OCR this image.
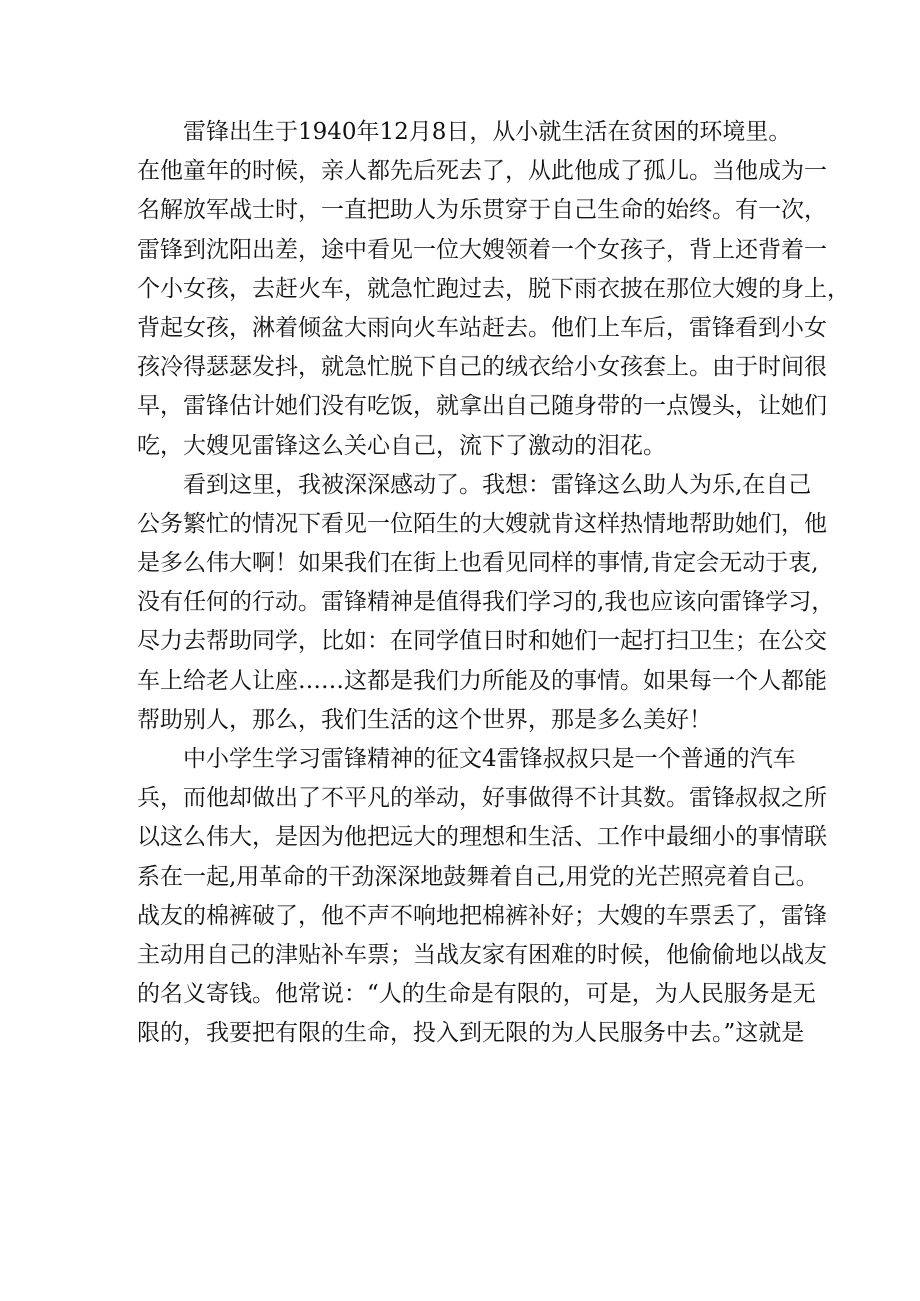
雷锋出生于1940年12月8日，从小就生活在贫困的环境里。
在他童年的时候，亲人都先后死去了，从此他成了孤儿。当他成为一
名解放军战士时，一直把助人为乐贯穿于自己生命的始终。有一次，
雷锋到沈阳出差，途中看见一位大嫂领着一个女孩子，背上还背着一
个小女孩，去赶火车，就急忙跑过去，脱下雨衣披在那位大嫂的身上，
背起女孩，淋着倾盆大雨向火车站赶去。他们上车后，雷锋看到小女
孩冷得瑟瑟发抖，就急忙脱下自己的绒衣给小女孩套上。由于时间很
早，雷锋估计她们没有吃饭，就拿出自己随身带的一点馒头，让她们
吃，大嫂见雷锋这么关心自己，流下了激动的泪花。
看到这里，我被深深感动了。我想：雷锋这么助人为乐,在自己
公务繁忙的情况下看见一位陌生的大嫂就肯这样热情地帮助她们，他
是多么伟大啊！如果我们在街上也看见同样的事情,肯定会无动于衷,
没有任何的行动。雷锋精神是值得我们学习的,我也应该向雷锋学习，
尽力去帮助同学，比如：在同学值日时和她们一起打扫卫生；在公交
车上给老人让座……这都是我们力所能及的事情。如果每一个人都能
帮助别人，那么，我们生活的这个世界，那是多么美好！
中小学生学习雷锋精神的征文4雷锋叔叔只是一个普通的汽车
兵，而他却做出了不平凡的举动，好事做得不计其数。雷锋叔叔之所
以这么伟大，是因为他把远大的理想和生活、工作中最细小的事情联
系在一起,用革命的干劲深深地鼓舞着自己,用党的光芒照亮着自己。
战友的棉裤破了，他不声不响地把棉裤补好；大嫂的车票丢了，雷锋
主动用自己的津贴补车票；当战友家有困难的时候，他偷偷地以战友
的名义寄钱。他常说：“人的生命是有限的，可是，为人民服务是无
限的，我要把有限的生命，投入到无限的为人民服务中去。”这就是
